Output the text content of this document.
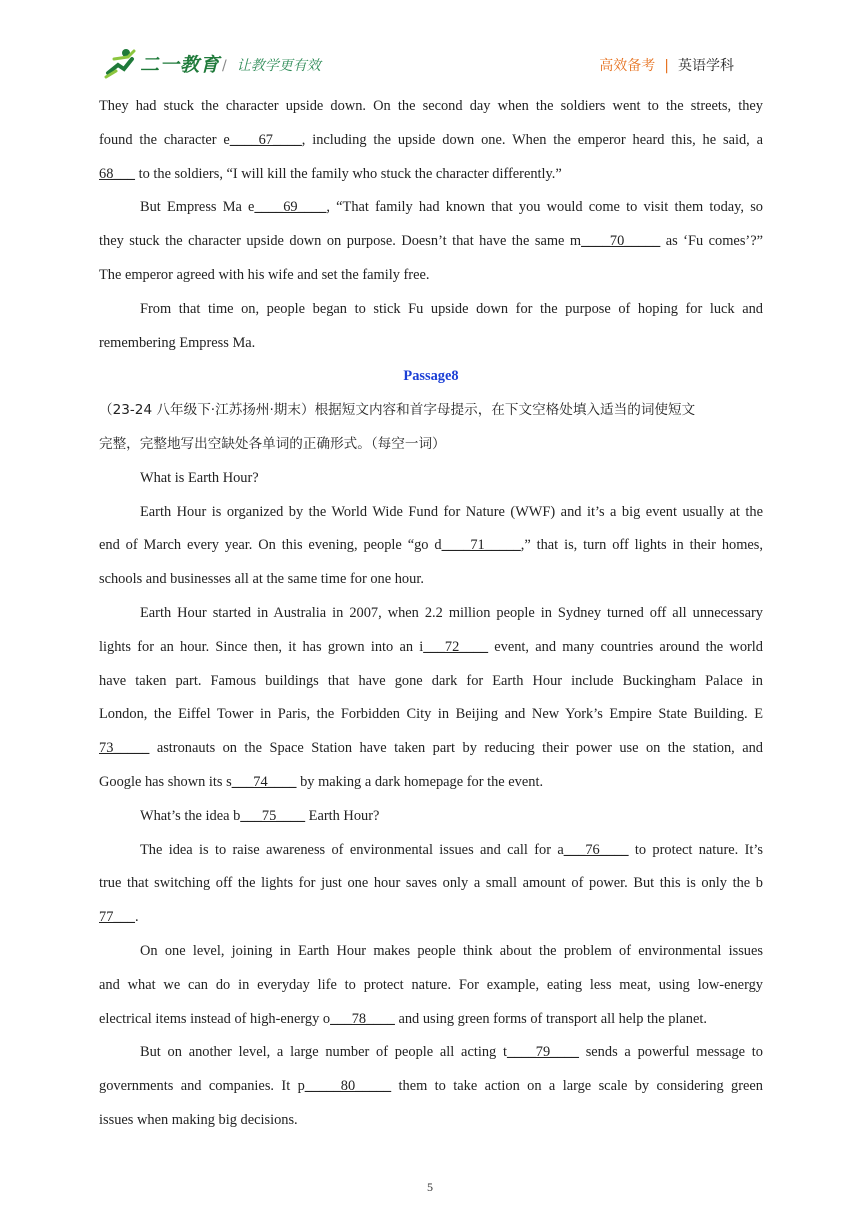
二一教育 / 让教学更有效	高效备考 | 英语学科
They had stuck the character upside down. On the second day when the soldiers went to the streets, they
found the character e____67____, including the upside down one. When the emperor heard this, he said, a
68___ to the soldiers, “I will kill the family who stuck the character differently.”
But Empress Ma e____69____, “That family had known that you would come to visit them today, so
they stuck the character upside down on purpose. Doesn’t that have the same m____70_____ as ‘Fu comes’?”
The emperor agreed with his wife and set the family free.
From that time on, people began to stick Fu upside down for the purpose of hoping for luck and
remembering Empress Ma.
Passage8
（23-24 八年级下·江苏扬州·期末）根据短文内容和首字母提示，在下文空格处填入适当的词使短文
完整，完整地写出空缺处各单词的正确形式。（每空一词）
What is Earth Hour?
Earth Hour is organized by the World Wide Fund for Nature (WWF) and it’s a big event usually at the
end of March every year. On this evening, people “go d____71_____,” that is, turn off lights in their homes,
schools and businesses all at the same time for one hour.
Earth Hour started in Australia in 2007, when 2.2 million people in Sydney turned off all unnecessary
lights for an hour. Since then, it has grown into an i___72____ event, and many countries around the world
have taken part. Famous buildings that have gone dark for Earth Hour include Buckingham Palace in
London, the Eiffel Tower in Paris, the Forbidden City in Beijing and New York’s Empire State Building. E
73_____ astronauts on the Space Station have taken part by reducing their power use on the station, and
Google has shown its s___74____ by making a dark homepage for the event.
What’s the idea b___75____ Earth Hour?
The idea is to raise awareness of environmental issues and call for a___76____ to protect nature. It’s
true that switching off the lights for just one hour saves only a small amount of power. But this is only the b
77___.
On one level, joining in Earth Hour makes people think about the problem of environmental issues
and what we can do in everyday life to protect nature. For example, eating less meat, using low-energy
electrical items instead of high-energy o___78____ and using green forms of transport all help the planet.
But on another level, a large number of people all acting t____79____ sends a powerful message to
governments and companies. It p_____80_____ them to take action on a large scale by considering green
issues when making big decisions.
5
